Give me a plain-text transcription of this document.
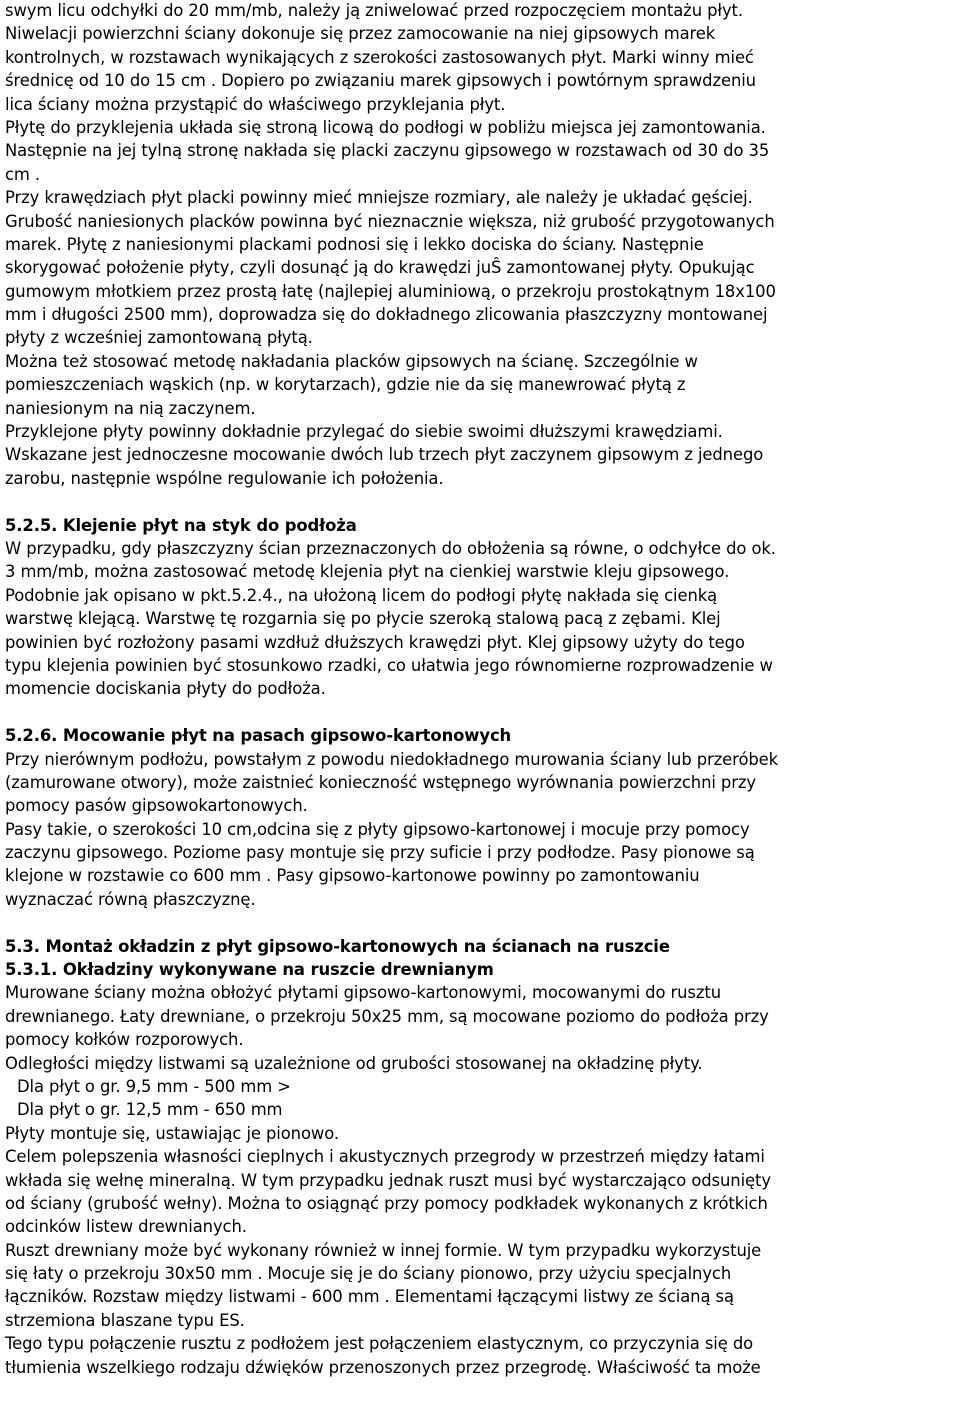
swym licu odchyłki do 20 mm/mb, należy ją zniwelować przed rozpoczęciem montażu płyt.
Niwelacji powierzchni ściany dokonuje się przez zamocowanie na niej gipsowych marek
kontrolnych, w rozstawach wynikających z szerokości zastosowanych płyt. Marki winny mieć
średnicę od 10 do 15 cm . Dopiero po związaniu marek gipsowych i powtórnym sprawdzeniu
lica ściany można przystąpić do właściwego przyklejania płyt.
Płytę do przyklejenia układa się stroną licową do podłogi w pobliżu miejsca jej zamontowania.
Następnie na jej tylną stronę nakłada się placki zaczynu gipsowego w rozstawach od 30 do 35
cm .
Przy krawędziach płyt placki powinny mieć mniejsze rozmiary, ale należy je układać gęściej.
Grubość naniesionych placków powinna być nieznacznie większa, niż grubość przygotowanych
marek. Płytę z naniesionymi plackami podnosi się i lekko dociska do ściany. Następnie
skorygować położenie płyty, czyli dosunąć ją do krawędzi juŜ zamontowanej płyty. Opukując
gumowym młotkiem przez prostą łatę (najlepiej aluminiową, o przekroju prostokątnym 18x100
mm i długości 2500 mm), doprowadza się do dokładnego zlicowania płaszczyzny montowanej
płyty z wcześniej zamontowaną płytą.
Można też stosować metodę nakładania placków gipsowych na ścianę. Szczególnie w
pomieszczeniach wąskich (np. w korytarzach), gdzie nie da się manewrować płytą z
naniesionym na nią zaczynem.
Przyklejone płyty powinny dokładnie przylegać do siebie swoimi dłuższymi krawędziami.
Wskazane jest jednoczesne mocowanie dwóch lub trzech płyt zaczynem gipsowym z jednego
zarobu, następnie wspólne regulowanie ich położenia.
5.2.5. Klejenie płyt na styk do podłoża
W przypadku, gdy płaszczyzny ścian przeznaczonych do obłożenia są równe, o odchyłce do ok.
3 mm/mb, można zastosować metodę klejenia płyt na cienkiej warstwie kleju gipsowego.
Podobnie jak opisano w pkt.5.2.4., na ułożoną licem do podłogi płytę nakłada się cienką
warstwę klejącą. Warstwę tę rozgarnia się po płycie szeroką stalową pacą z zębami. Klej
powinien być rozłożony pasami wzdłuż dłuższych krawędzi płyt. Klej gipsowy użyty do tego
typu klejenia powinien być stosunkowo rzadki, co ułatwia jego równomierne rozprowadzenie w
momencie dociskania płyty do podłoża.
5.2.6. Mocowanie płyt na pasach gipsowo-kartonowych
Przy nierównym podłożu, powstałym z powodu niedokładnego murowania ściany lub przeróbek
(zamurowane otwory), może zaistnieć konieczność wstępnego wyrównania powierzchni przy
pomocy pasów gipsowokartonowych.
Pasy takie, o szerokości 10 cm,odcina się z płyty gipsowo-kartonowej i mocuje przy pomocy
zaczynu gipsowego. Poziome pasy montuje się przy suficie i przy podłodze. Pasy pionowe są
klejone w rozstawie co 600 mm . Pasy gipsowo-kartonowe powinny po zamontowaniu
wyznaczać równą płaszczyznę.
5.3. Montaż okładzin z płyt gipsowo-kartonowych na ścianach na ruszcie
5.3.1. Okładziny wykonywane na ruszcie drewnianym
Murowane ściany można obłożyć płytami gipsowo-kartonowymi, mocowanymi do rusztu
drewnianego. Łaty drewniane, o przekroju 50x25 mm, są mocowane poziomo do podłoża przy
pomocy kołków rozporowych.
Odległości między listwami są uzależnione od grubości stosowanej na okładzinę płyty.
Dla płyt o gr. 9,5 mm - 500 mm >
Dla płyt o gr. 12,5 mm - 650 mm
Płyty montuje się, ustawiając je pionowo.
Celem polepszenia własności cieplnych i akustycznych przegrody w przestrzeń między łatami
wkłada się wełnę mineralną. W tym przypadku jednak ruszt musi być wystarczająco odsunięty
od ściany (grubość wełny). Można to osiągnąć przy pomocy podkładek wykonanych z krótkich
odcinków listew drewnianych.
Ruszt drewniany może być wykonany również w innej formie. W tym przypadku wykorzystuje
się łaty o przekroju 30x50 mm . Mocuje się je do ściany pionowo, przy użyciu specjalnych
łączników. Rozstaw między listwami - 600 mm . Elementami łączącymi listwy ze ścianą są
strzemiona blaszane typu ES.
Tego typu połączenie rusztu z podłożem jest połączeniem elastycznym, co przyczynia się do
tłumienia wszelkiego rodzaju dźwięków przenoszonych przez przegrodę. Właściwość ta może
